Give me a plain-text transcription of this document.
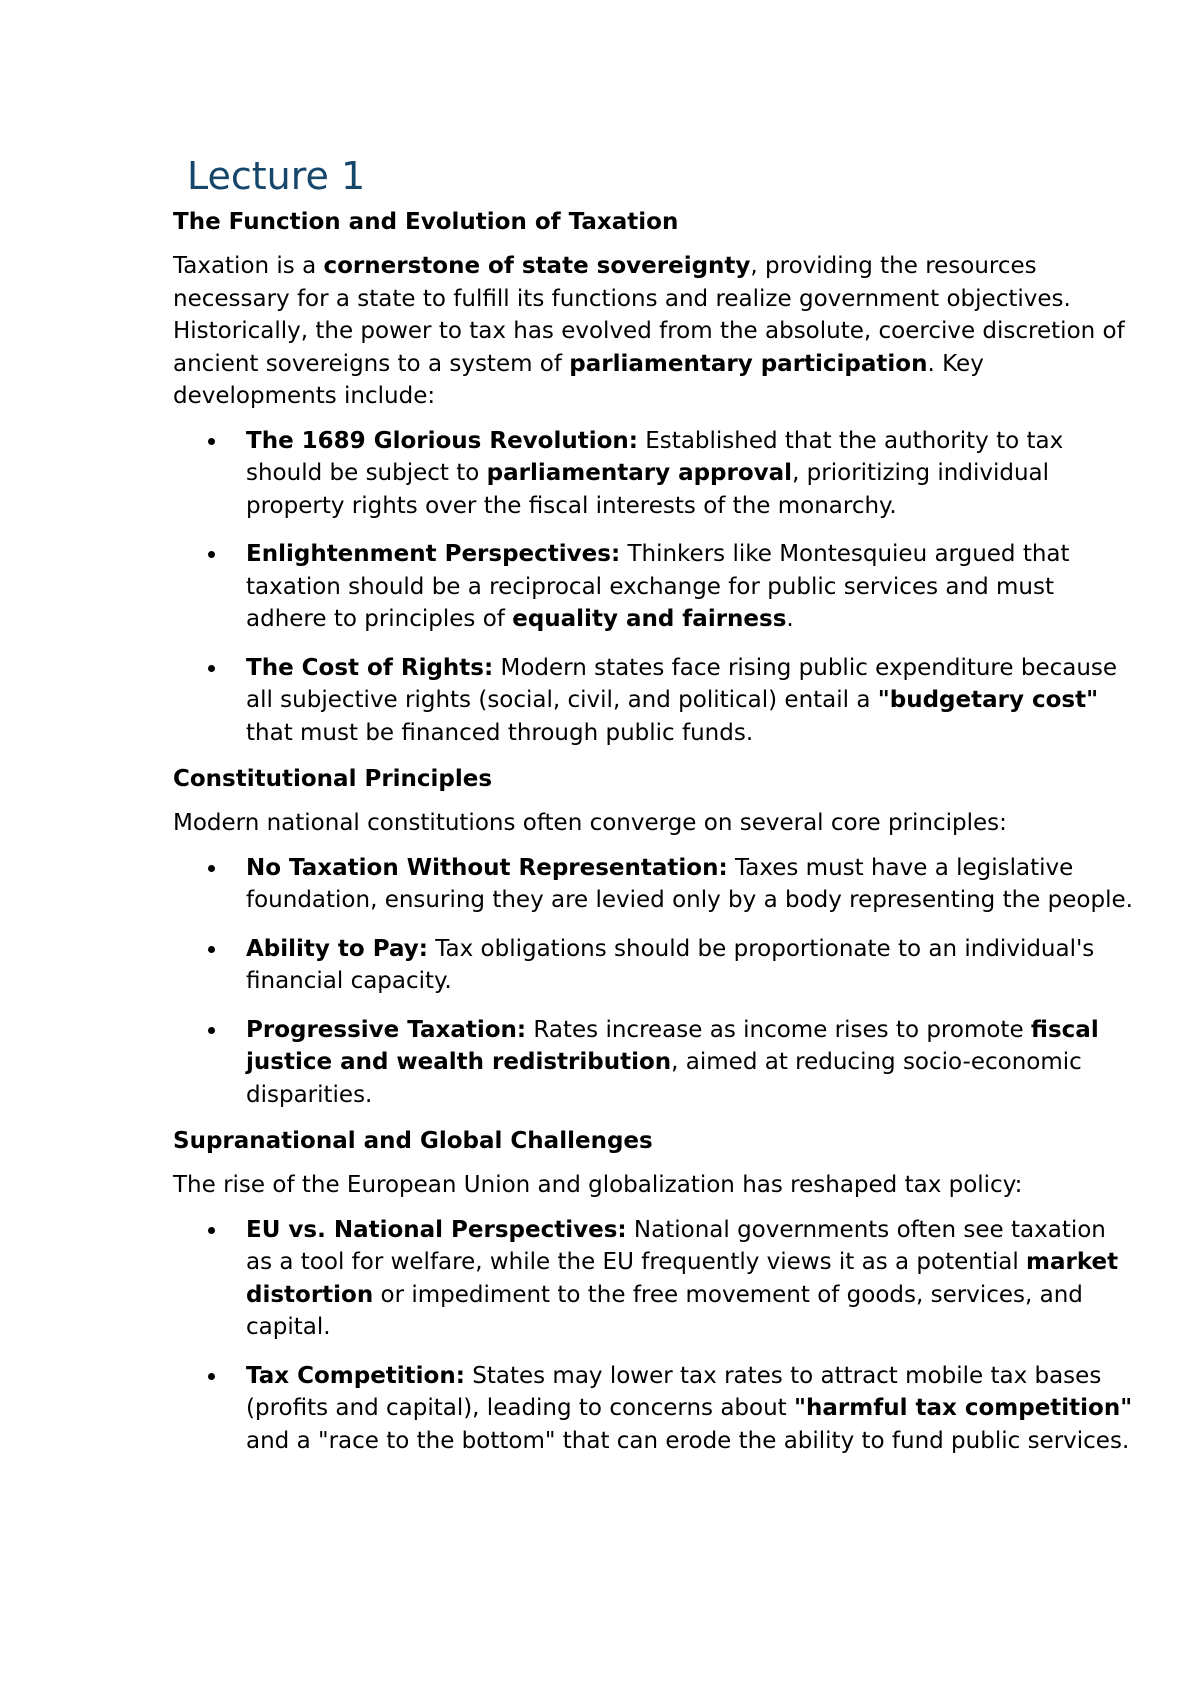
Lecture 1
The Function and Evolution of Taxation

Taxation is a cornerstone of state sovereignty, providing the resources necessary for a state to fulfill its functions and realize government objectives. Historically, the power to tax has evolved from the absolute, coercive discretion of ancient sovereigns to a system of parliamentary participation. Key developments include:

The 1689 Glorious Revolution: Established that the authority to tax should be subject to parliamentary approval, prioritizing individual property rights over the fiscal interests of the monarchy.
Enlightenment Perspectives: Thinkers like Montesquieu argued that taxation should be a reciprocal exchange for public services and must adhere to principles of equality and fairness.
The Cost of Rights: Modern states face rising public expenditure because all subjective rights (social, civil, and political) entail a "budgetary cost" that must be financed through public funds.
Constitutional Principles

Modern national constitutions often converge on several core principles:

No Taxation Without Representation: Taxes must have a legislative foundation, ensuring they are levied only by a body representing the people.
Ability to Pay: Tax obligations should be proportionate to an individual's financial capacity.
Progressive Taxation: Rates increase as income rises to promote fiscal justice and wealth redistribution, aimed at reducing socio-economic disparities.
Supranational and Global Challenges

The rise of the European Union and globalization has reshaped tax policy:

EU vs. National Perspectives: National governments often see taxation as a tool for welfare, while the EU frequently views it as a potential market distortion or impediment to the free movement of goods, services, and capital.
Tax Competition: States may lower tax rates to attract mobile tax bases (profits and capital), leading to concerns about "harmful tax competition" and a "race to the bottom" that can erode the ability to fund public services.
